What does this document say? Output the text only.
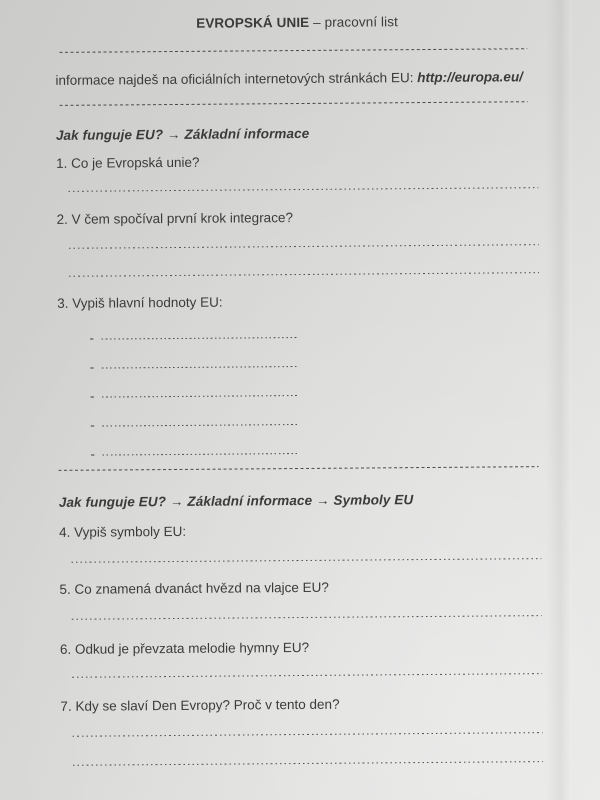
EVROPSKÁ UNIE – pracovní list
informace najdeš na oficiálních internetových stránkách EU: http://europa.eu/
Jak funguje EU? → Základní informace
1. Co je Evropská unie?
2. V čem spočíval první krok integrace?
3. Vypiš hlavní hodnoty EU:
-
-
-
-
-
Jak funguje EU? → Základní informace → Symboly EU
4. Vypiš symboly EU:
5. Co znamená dvanáct hvězd na vlajce EU?
6. Odkud je převzata melodie hymny EU?
7. Kdy se slaví Den Evropy? Proč v tento den?
